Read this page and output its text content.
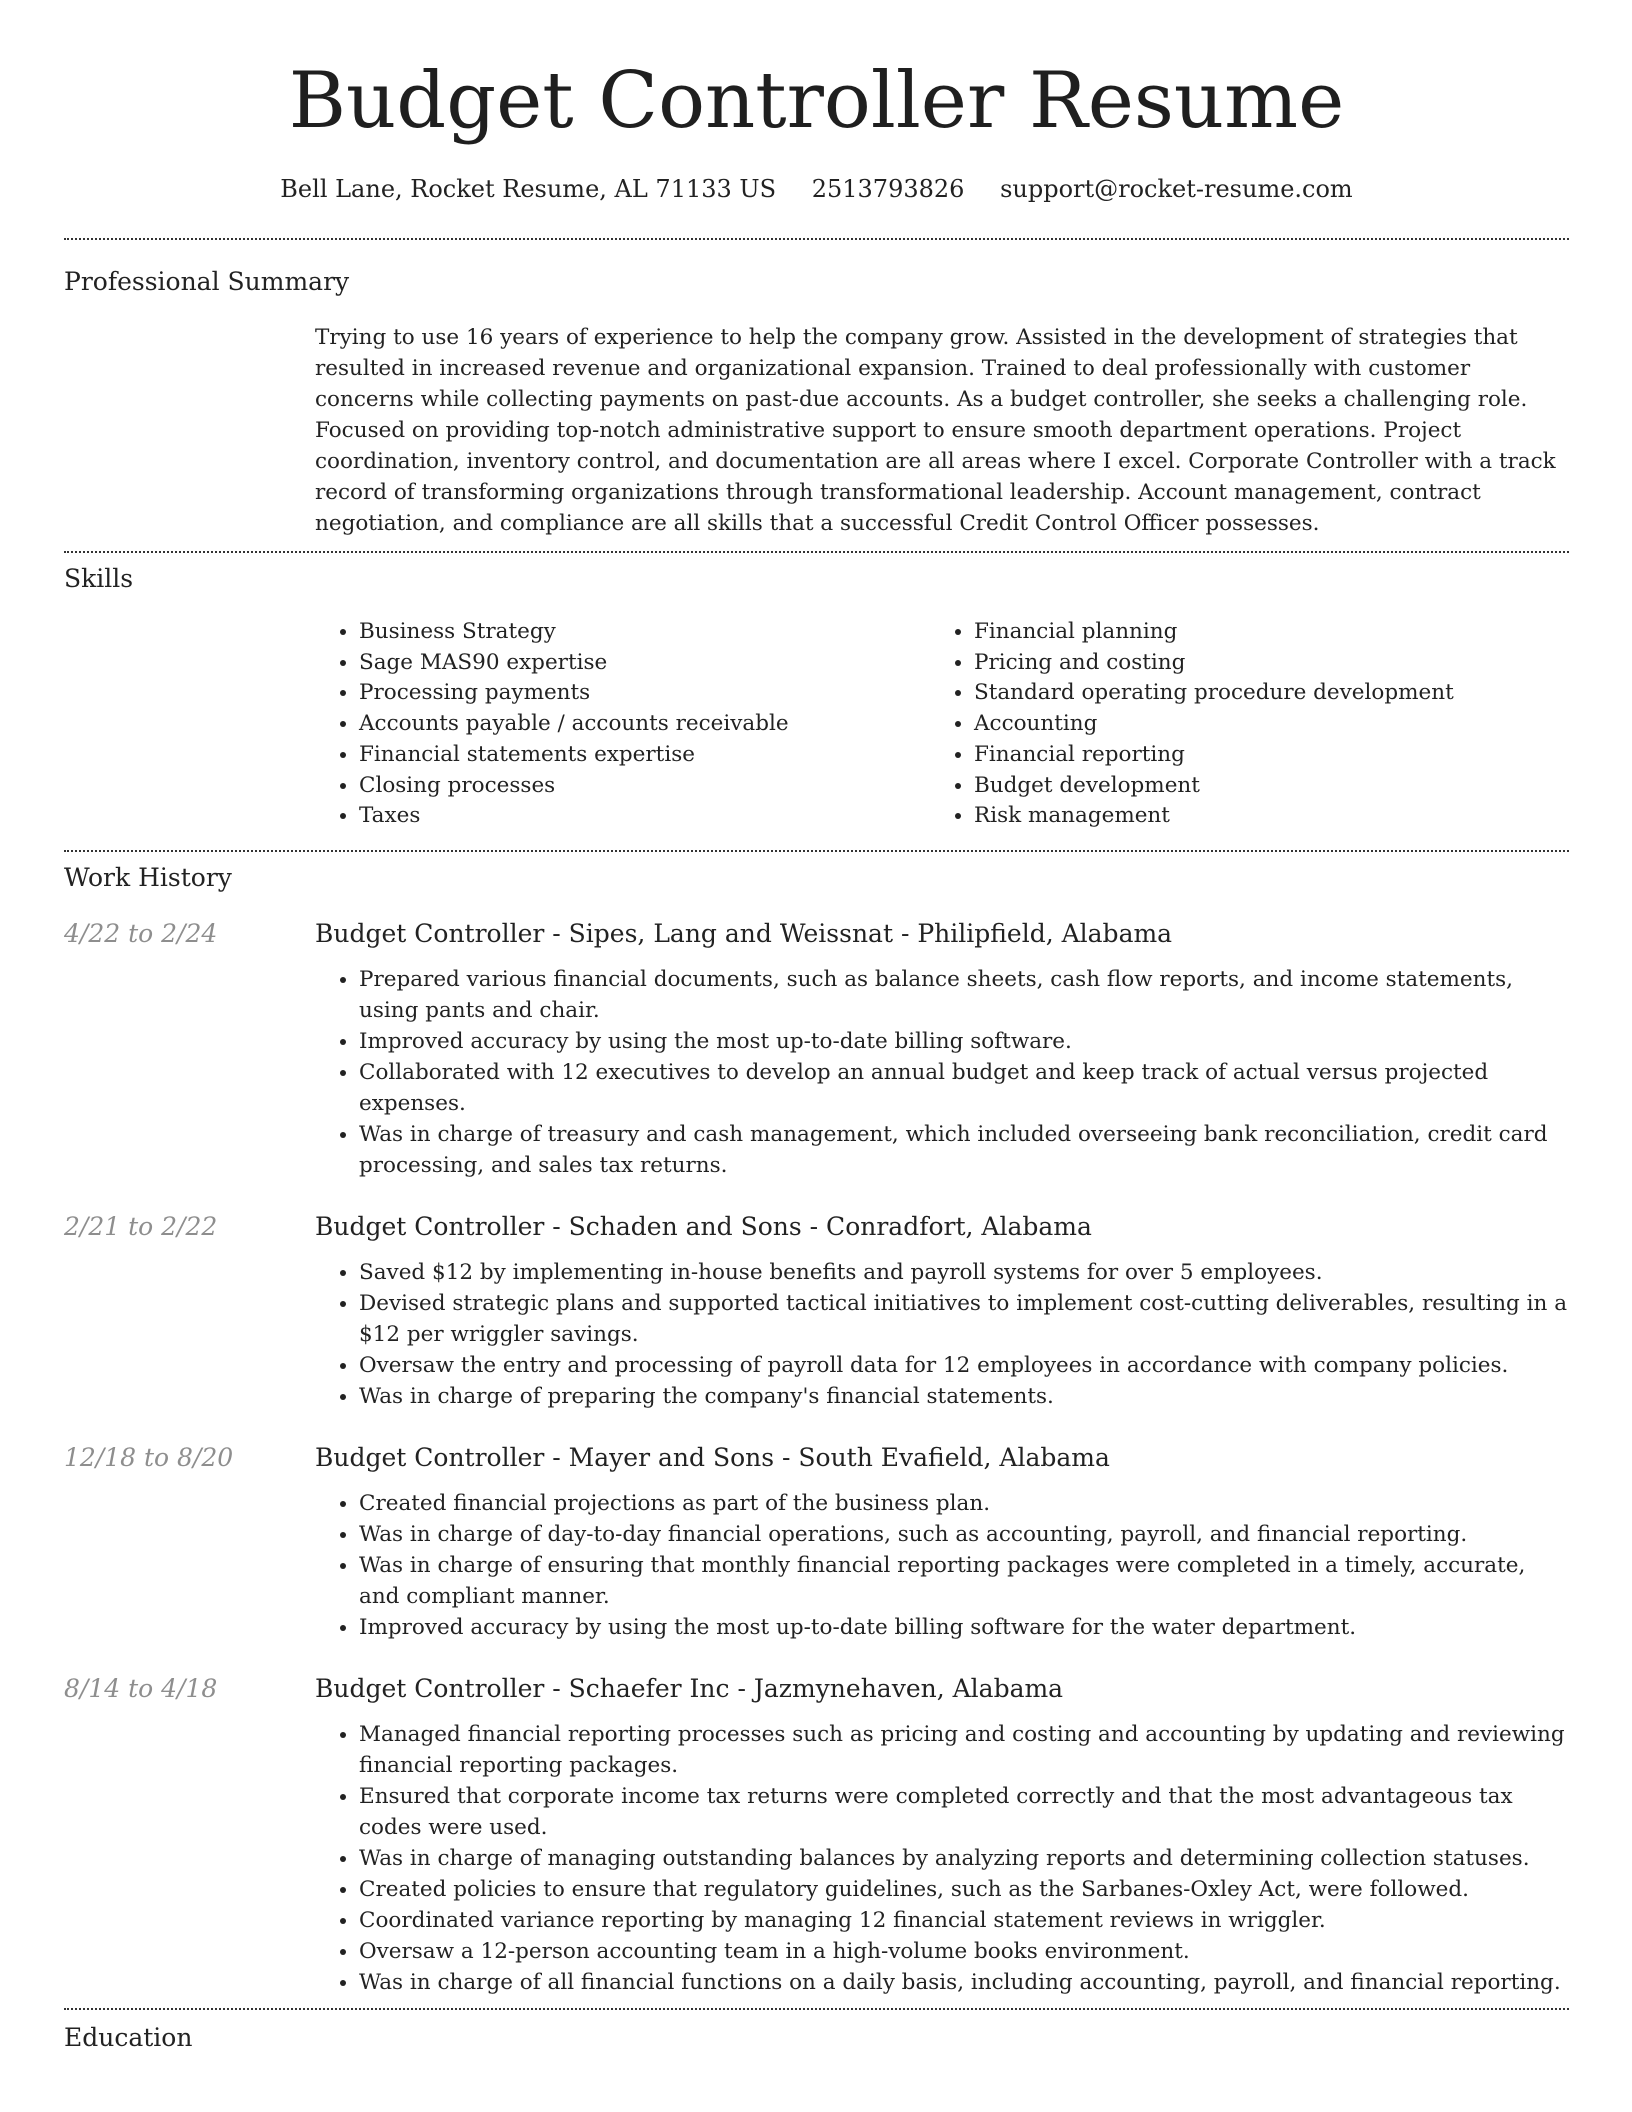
Budget Controller Resume
Bell Lane, Rocket Resume, AL 71133 US 2513793826 support@rocket-resume.com
Professional Summary
Trying to use 16 years of experience to help the company grow. Assisted in the development of strategies that resulted in increased revenue and organizational expansion. Trained to deal professionally with customer concerns while collecting payments on past-due accounts. As a budget controller, she seeks a challenging role. Focused on providing top-notch administrative support to ensure smooth department operations. Project coordination, inventory control, and documentation are all areas where I excel. Corporate Controller with a track record of transforming organizations through transformational leadership. Account management, contract negotiation, and compliance are all skills that a successful Credit Control Officer possesses.
Skills
• Business Strategy
• Sage MAS90 expertise
• Processing payments
• Accounts payable / accounts receivable
• Financial statements expertise
• Closing processes
• Taxes
• Financial planning
• Pricing and costing
• Standard operating procedure development
• Accounting
• Financial reporting
• Budget development
• Risk management
Work History
4/22 to 2/24	Budget Controller - Sipes, Lang and Weissnat - Philipfield, Alabama
• Prepared various financial documents, such as balance sheets, cash flow reports, and income statements, using pants and chair.
• Improved accuracy by using the most up-to-date billing software.
• Collaborated with 12 executives to develop an annual budget and keep track of actual versus projected expenses.
• Was in charge of treasury and cash management, which included overseeing bank reconciliation, credit card processing, and sales tax returns.
2/21 to 2/22	Budget Controller - Schaden and Sons - Conradfort, Alabama
• Saved $12 by implementing in-house benefits and payroll systems for over 5 employees.
• Devised strategic plans and supported tactical initiatives to implement cost-cutting deliverables, resulting in a $12 per wriggler savings.
• Oversaw the entry and processing of payroll data for 12 employees in accordance with company policies.
• Was in charge of preparing the company's financial statements.
12/18 to 8/20	Budget Controller - Mayer and Sons - South Evafield, Alabama
• Created financial projections as part of the business plan.
• Was in charge of day-to-day financial operations, such as accounting, payroll, and financial reporting.
• Was in charge of ensuring that monthly financial reporting packages were completed in a timely, accurate, and compliant manner.
• Improved accuracy by using the most up-to-date billing software for the water department.
8/14 to 4/18	Budget Controller - Schaefer Inc - Jazmynehaven, Alabama
• Managed financial reporting processes such as pricing and costing and accounting by updating and reviewing financial reporting packages.
• Ensured that corporate income tax returns were completed correctly and that the most advantageous tax codes were used.
• Was in charge of managing outstanding balances by analyzing reports and determining collection statuses.
• Created policies to ensure that regulatory guidelines, such as the Sarbanes-Oxley Act, were followed.
• Coordinated variance reporting by managing 12 financial statement reviews in wriggler.
• Oversaw a 12-person accounting team in a high-volume books environment.
• Was in charge of all financial functions on a daily basis, including accounting, payroll, and financial reporting.
Education
